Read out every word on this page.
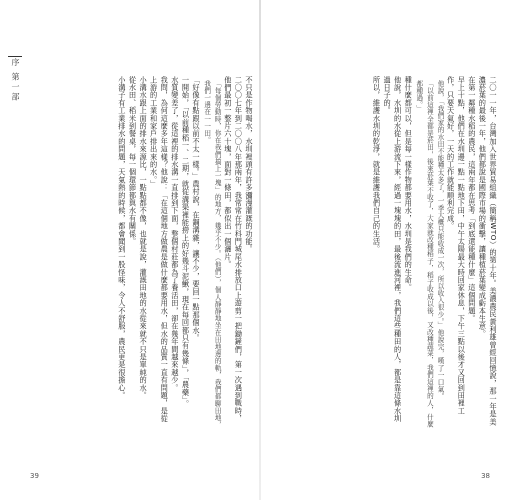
序 第一部	不只是作物喝水，水圳裡頭有許多瀰漫灌溉的功能。

二〇〇七年到二〇〇八年那兩年，我常常在竹科門城尾水排放口上遊剪一把鋤鏟們，第一次遇到戰時，他們最初一整片六十塊，面對一條田，都似出一個灑片。

「每個勞動時，你在我們搞上一塊」的地方，幾乎不少。（他們），個人靜靜地坐在田地邊的軌，我們都聊田地，我們一邊在一一田。

「好像有點跟以前不太一樣。」農村說，在鋼溝雜，讓不少，要回一點那個水。

一開始，「以前種稻一、二期，就從溝渠裡能撈上的好幾斗泥鰍，現在每回都只有幾條」，「農藥」。

水質變差了，從這裡的排水溝一直排到下面，整個村莊都為了養活田，卻在幾年間越來越少。

我問，為何這麼多年這樣？他說：「在這個地方做農是做什麼都要用水，但水的品質一直有問題，是從上游的工業和家戶排出來的水。」

小溝水跟上面的排水來源比，一點點都不像，也就是說，灌溉田地的水從來就不只是單純的水。

從水田、稻米到餐桌，每一個環節都與水有關係。

小溝子有工業排水的問題，天氣熱的時候，都會聞到一股怪味，令人不舒服，農民更是很擔心。

39

二〇一一年，台灣加入世界貿易組織（簡稱WTO）的第十年。美濃農民黃利雄曾經回憶說，那一年是美濃菸葉的最後一年，他們都說是國際市場的衝擊，讓種植菸葉變成虧本生意。

在第一鄰種水稻的農民，這兩年都在思考「到底還能種什麼」這個問題。

早上十點，他們在水圳邊一點一點地下田，中午太陽最大時回家休息，下午三點以後才又回到田裡工作，只要天氣好，一天的工作就能順利完成。

他說，「我們家的水田不能種太多了，一季大概只能收成一次，所以收入很少。」他說完，嘆了一口氣。

「以前這裡全都是菸田，後來菸葉不收了，大家就改種稻子，稻子收成以後，又改種蔬菜，我們這裡的人，什麼都種過。」

種什麼都可以，但是每一樣作物都要用水，水圳是我們的生命。

他說，水圳的水從上游流下來，經過一塊塊的田，最後流進河裡，我們這些種田的人，都是靠這條水圳過日子的。

所以，維護水圳的乾淨，就是維護我們自己的生活。

38
